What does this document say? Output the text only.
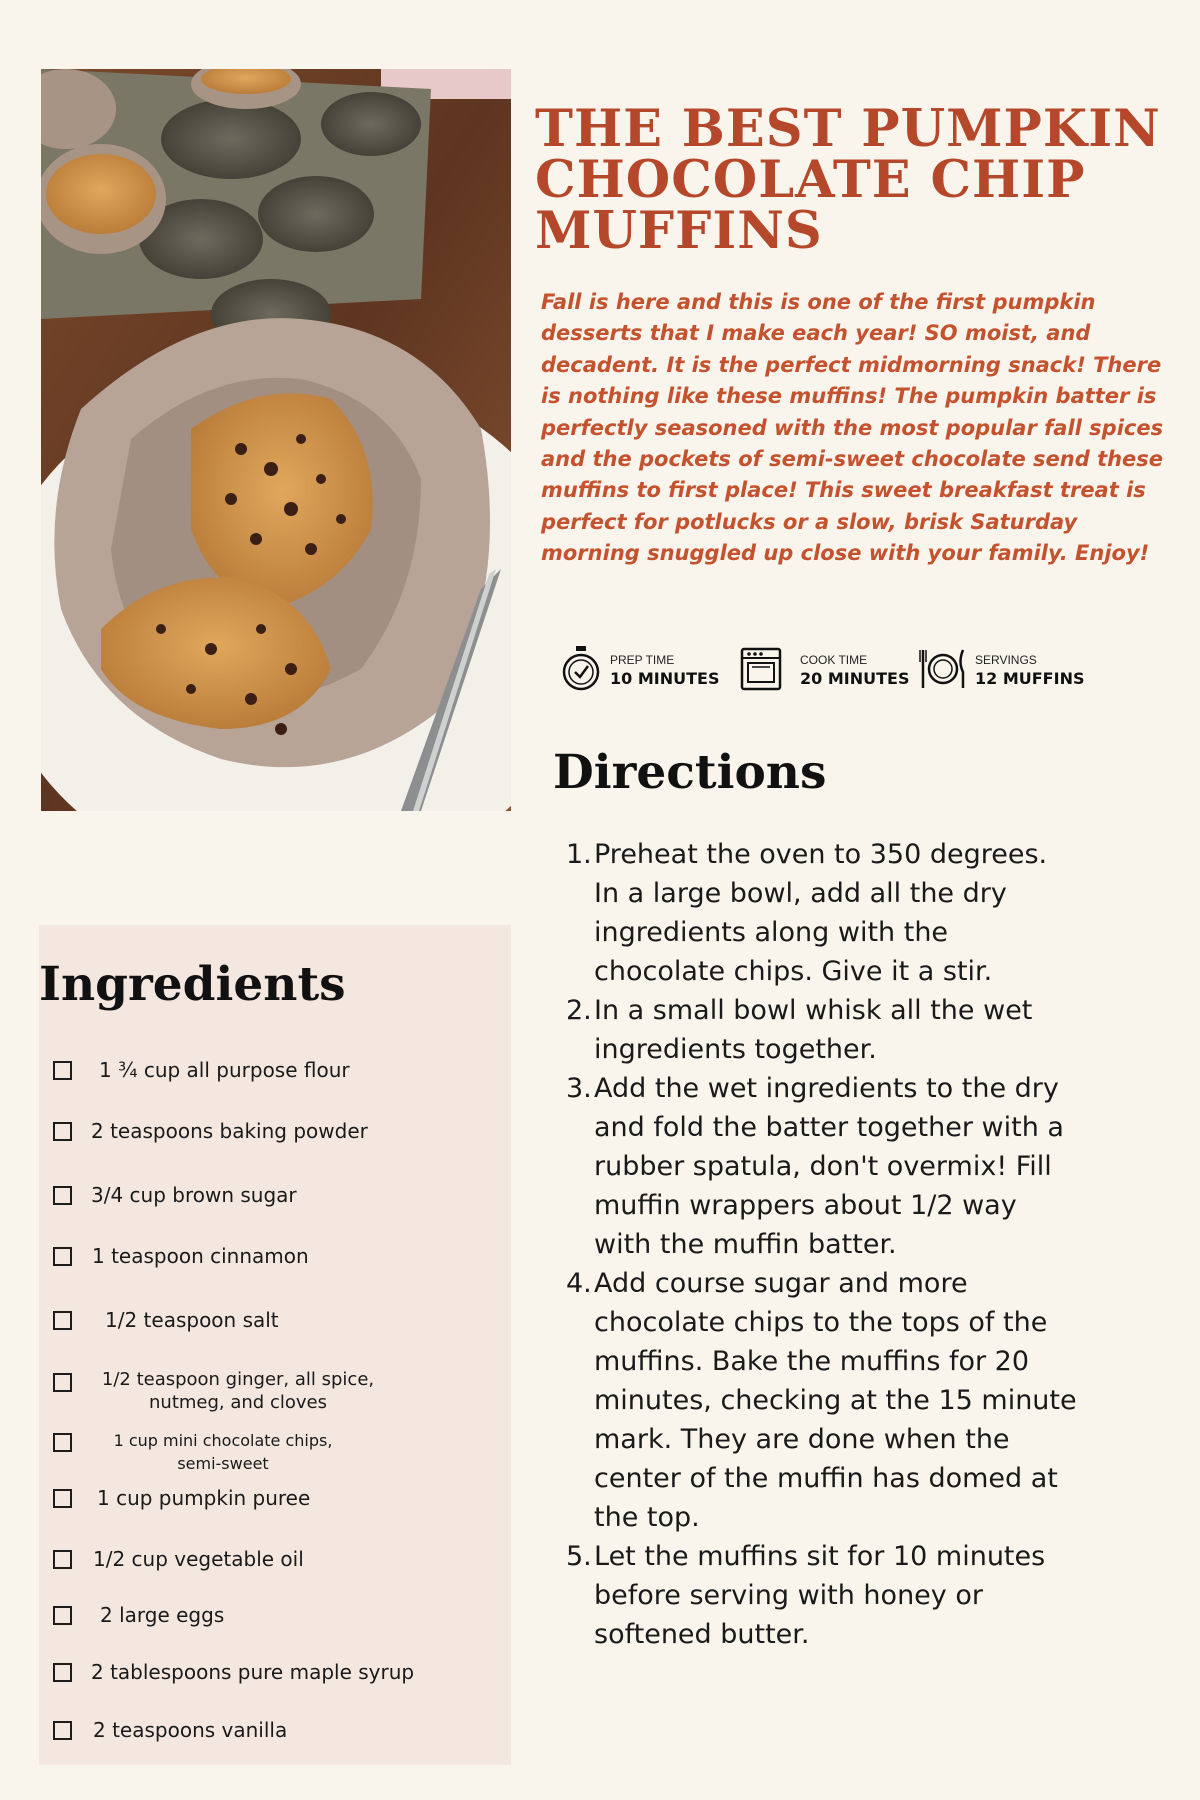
THE BEST PUMPKIN CHOCOLATE CHIP MUFFINS

Fall is here and this is one of the first pumpkin desserts that I make each year! SO moist, and decadent. It is the perfect midmorning snack! There is nothing like these muffins! The pumpkin batter is perfectly seasoned with the most popular fall spices and the pockets of semi-sweet chocolate send these muffins to first place! This sweet breakfast treat is perfect for potlucks or a slow, brisk Saturday morning snuggled up close with your family. Enjoy!

PREP TIME
10 MINUTES
COOK TIME
20 MINUTES
SERVINGS
12 MUFFINS
Directions
1. Preheat the oven to 350 degrees. In a large bowl, add all the dry ingredients along with the chocolate chips. Give it a stir.
2. In a small bowl whisk all the wet ingredients together.
3. Add the wet ingredients to the dry and fold the batter together with a rubber spatula, don't overmix! Fill muffin wrappers about 1/2 way with the muffin batter.
4. Add course sugar and more chocolate chips to the tops of the muffins. Bake the muffins for 20 minutes, checking at the 15 minute mark. They are done when the center of the muffin has domed at the top.
5. Let the muffins sit for 10 minutes before serving with honey or softened butter.
Ingredients
1 ¾ cup all purpose flour
2 teaspoons baking powder
3/4 cup brown sugar
1 teaspoon cinnamon
1/2 teaspoon salt
1/2 teaspoon ginger, all spice, nutmeg, and cloves
1 cup mini chocolate chips, semi-sweet
1 cup pumpkin puree
1/2 cup vegetable oil
2 large eggs
2 tablespoons pure maple syrup
2 teaspoons vanilla
